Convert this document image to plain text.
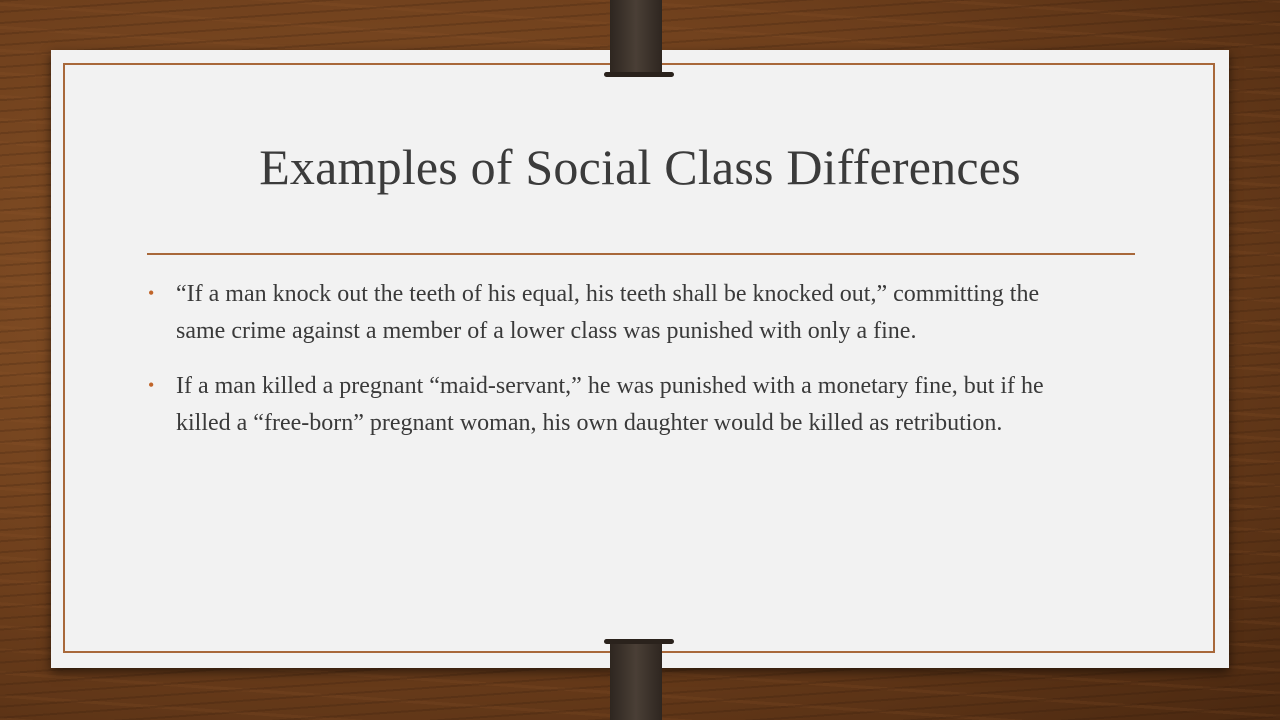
Examples of Social Class Differences
• “If a man knock out the teeth of his equal, his teeth shall be knocked out,” committing the same crime against a member of a lower class was punished with only a fine.
• If a man killed a pregnant “maid-servant,” he was punished with a monetary fine, but if he killed a “free-born” pregnant woman, his own daughter would be killed as retribution.
